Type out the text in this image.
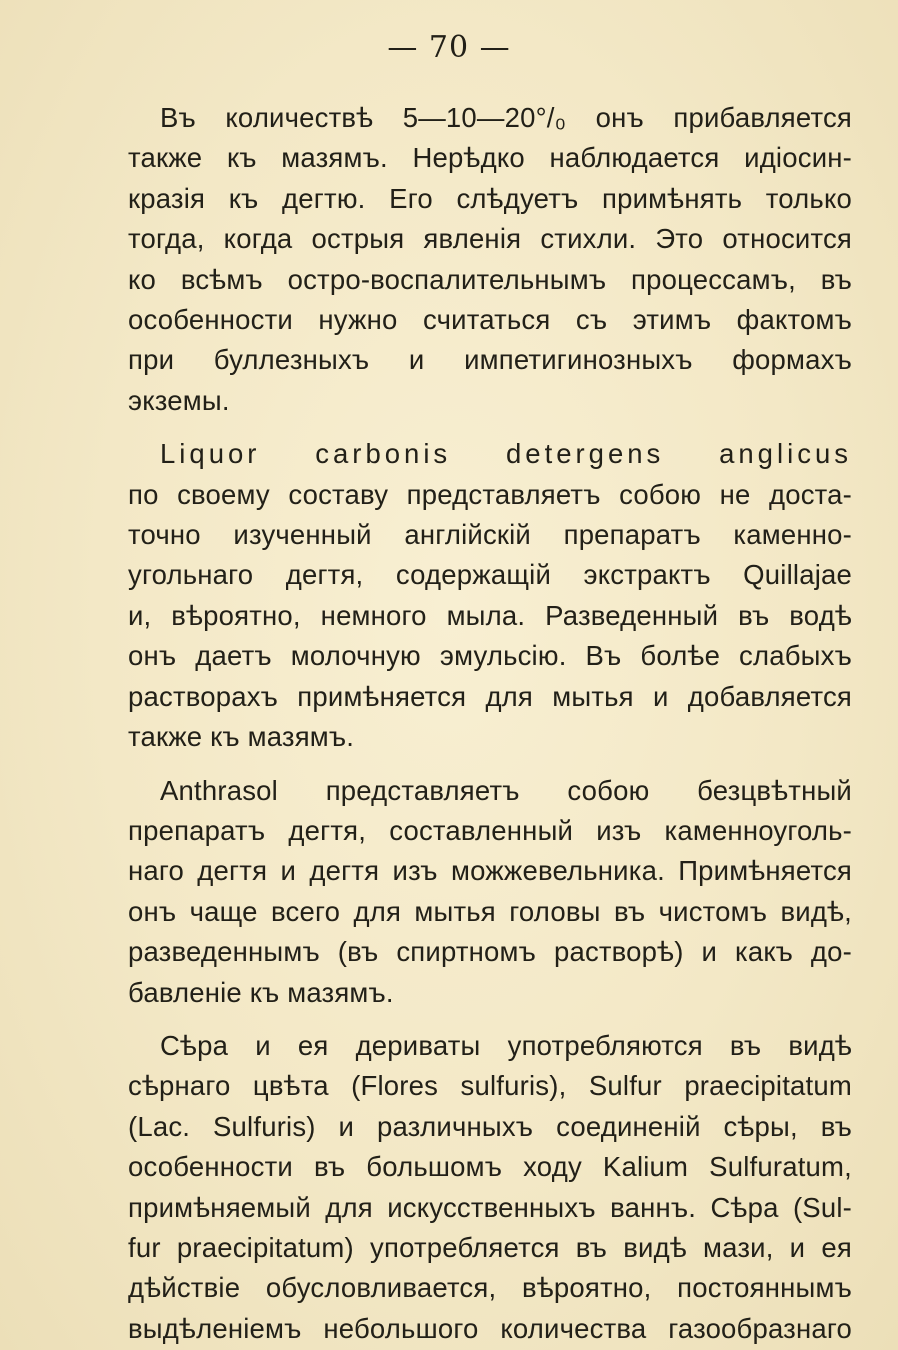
— 70 —
Въ количествѣ 5—10—20°/₀ онъ прибавляется
также къ мазямъ. Нерѣдко наблюдается идіосин-
кразія къ дегтю. Его слѣдуетъ примѣнять только
тогда, когда острыя явленія стихли. Это относится
ко всѣмъ остро-воспалительнымъ процессамъ, въ
особенности нужно считаться съ этимъ фактомъ
при буллезныхъ и импетигинозныхъ формахъ
экземы.
Liquor carbonis detergens anglicus
по своему составу представляетъ собою не доста-
точно изученный англійскій препаратъ каменно-
угольнаго дегтя, содержащій экстрактъ Quillajae
и, вѣроятно, немного мыла. Разведенный въ водѣ
онъ даетъ молочную эмульсію. Въ болѣе слабыхъ
растворахъ примѣняется для мытья и добавляется
также къ мазямъ.
Anthrasol представляетъ собою безцвѣтный
препаратъ дегтя, составленный изъ каменноуголь-
наго дегтя и дегтя изъ можжевельника. Примѣняется
онъ чаще всего для мытья головы въ чистомъ видѣ,
разведеннымъ (въ спиртномъ растворѣ) и какъ до-
бавленіе къ мазямъ.
Сѣра и ея дериваты употребляются въ видѣ
сѣрнаго цвѣта (Flores sulfuris), Sulfur praecipitatum
(Lac. Sulfuris) и различныхъ соединеній сѣры, въ
особенности въ большомъ ходу Kalium Sulfuratum,
примѣняемый для искусственныхъ ваннъ. Сѣра (Sul-
fur praecipitatum) употребляется въ видѣ мази, и ея
дѣйствіе обусловливается, вѣроятно, постояннымъ
выдѣленіемъ небольшого количества газообразнаго
